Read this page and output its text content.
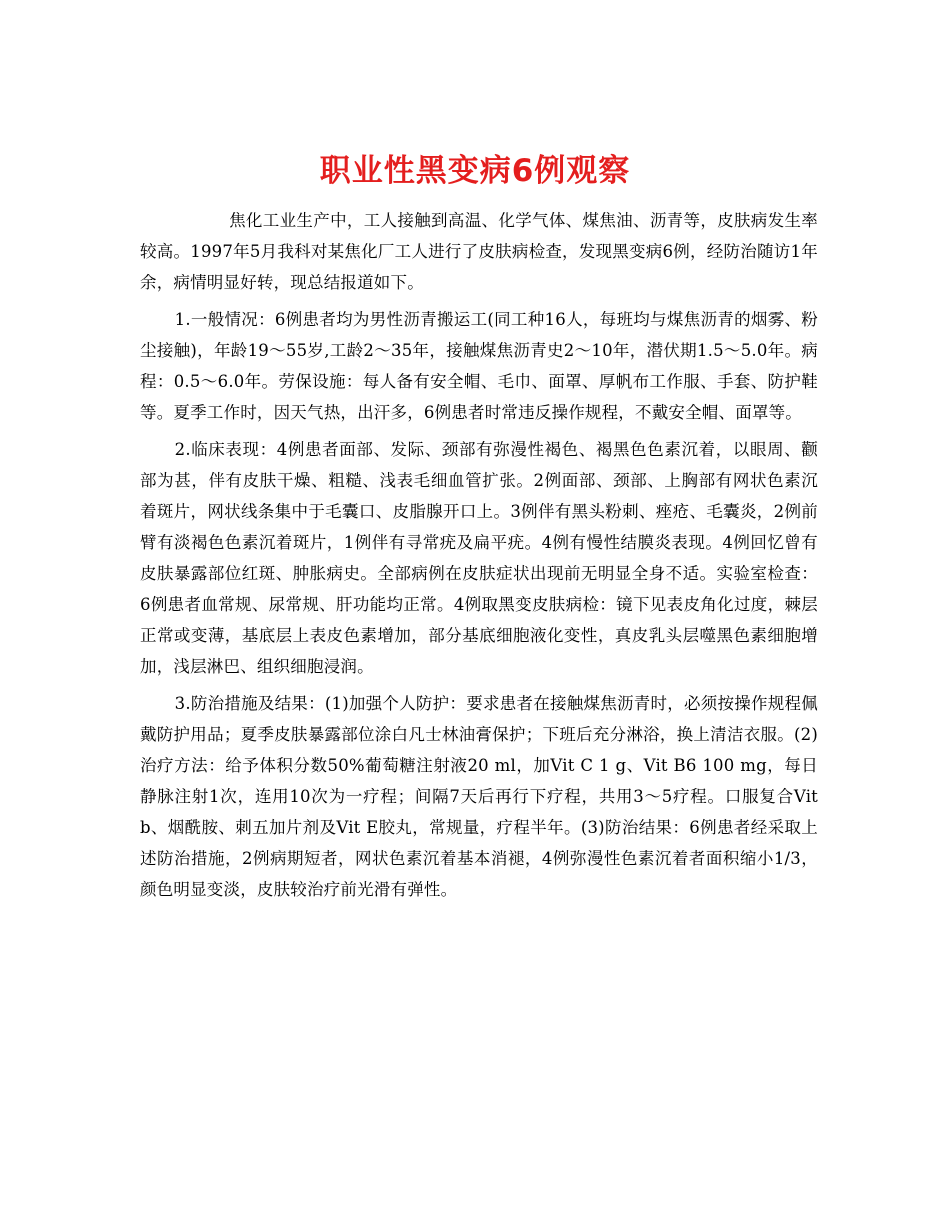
职业性黑变病6例观察

焦化工业生产中，工人接触到高温、化学气体、煤焦油、沥青等，皮肤病发生率较高。1997年5月我科对某焦化厂工人进行了皮肤病检查，发现黑变病6例，经防治随访1年余，病情明显好转，现总结报道如下。

1.一般情况：6例患者均为男性沥青搬运工(同工种16人，每班均与煤焦沥青的烟雾、粉尘接触)，年龄19～55岁,工龄2～35年，接触煤焦沥青史2～10年，潜伏期1.5～5.0年。病程：0.5～6.0年。劳保设施：每人备有安全帽、毛巾、面罩、厚帆布工作服、手套、防护鞋等。夏季工作时，因天气热，出汗多，6例患者时常违反操作规程，不戴安全帽、面罩等。

2.临床表现：4例患者面部、发际、颈部有弥漫性褐色、褐黑色色素沉着，以眼周、颧部为甚，伴有皮肤干燥、粗糙、浅表毛细血管扩张。2例面部、颈部、上胸部有网状色素沉着斑片，网状线条集中于毛囊口、皮脂腺开口上。3例伴有黑头粉刺、痤疮、毛囊炎，2例前臂有淡褐色色素沉着斑片，1例伴有寻常疣及扁平疣。4例有慢性结膜炎表现。4例回忆曾有皮肤暴露部位红斑、肿胀病史。全部病例在皮肤症状出现前无明显全身不适。实验室检查：6例患者血常规、尿常规、肝功能均正常。4例取黑变皮肤病检：镜下见表皮角化过度，棘层正常或变薄，基底层上表皮色素增加，部分基底细胞液化变性，真皮乳头层噬黑色素细胞增加，浅层淋巴、组织细胞浸润。

3.防治措施及结果：(1)加强个人防护：要求患者在接触煤焦沥青时，必须按操作规程佩戴防护用品；夏季皮肤暴露部位涂白凡士林油膏保护；下班后充分淋浴，换上清洁衣服。(2)治疗方法：给予体积分数50%葡萄糖注射液20 ml，加Vit C 1 g、Vit B6 100 mg，每日静脉注射1次，连用10次为一疗程；间隔7天后再行下疗程，共用3～5疗程。口服复合Vit b、烟酰胺、刺五加片剂及Vit E胶丸，常规量，疗程半年。(3)防治结果：6例患者经采取上述防治措施，2例病期短者，网状色素沉着基本消褪，4例弥漫性色素沉着者面积缩小1/3，颜色明显变淡，皮肤较治疗前光滑有弹性。
